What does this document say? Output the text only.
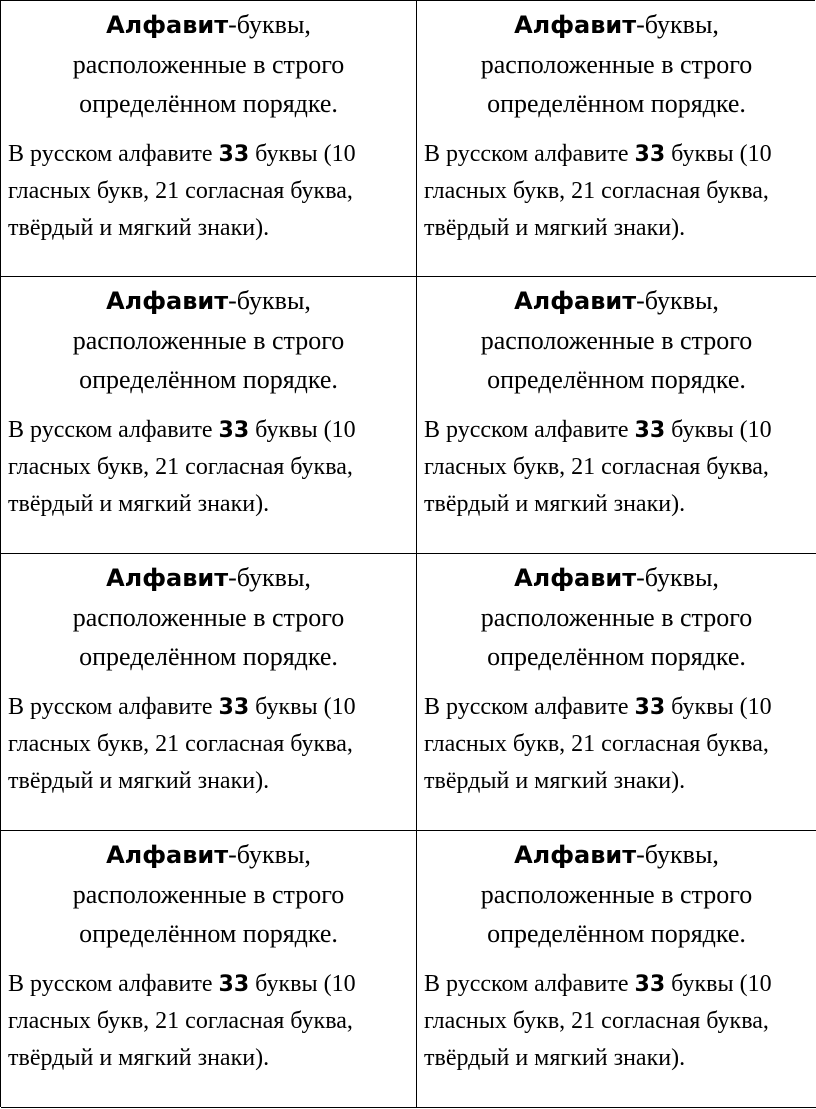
Алфавит-буквы,
расположенные в строго
определённом порядке.
В русском алфавите 33 буквы (10
гласных букв, 21 согласная буква,
твёрдый и мягкий знаки).
Алфавит-буквы,
расположенные в строго
определённом порядке.
В русском алфавите 33 буквы (10
гласных букв, 21 согласная буква,
твёрдый и мягкий знаки).
Алфавит-буквы,
расположенные в строго
определённом порядке.
В русском алфавите 33 буквы (10
гласных букв, 21 согласная буква,
твёрдый и мягкий знаки).
Алфавит-буквы,
расположенные в строго
определённом порядке.
В русском алфавите 33 буквы (10
гласных букв, 21 согласная буква,
твёрдый и мягкий знаки).
Алфавит-буквы,
расположенные в строго
определённом порядке.
В русском алфавите 33 буквы (10
гласных букв, 21 согласная буква,
твёрдый и мягкий знаки).
Алфавит-буквы,
расположенные в строго
определённом порядке.
В русском алфавите 33 буквы (10
гласных букв, 21 согласная буква,
твёрдый и мягкий знаки).
Алфавит-буквы,
расположенные в строго
определённом порядке.
В русском алфавите 33 буквы (10
гласных букв, 21 согласная буква,
твёрдый и мягкий знаки).
Алфавит-буквы,
расположенные в строго
определённом порядке.
В русском алфавите 33 буквы (10
гласных букв, 21 согласная буква,
твёрдый и мягкий знаки).
